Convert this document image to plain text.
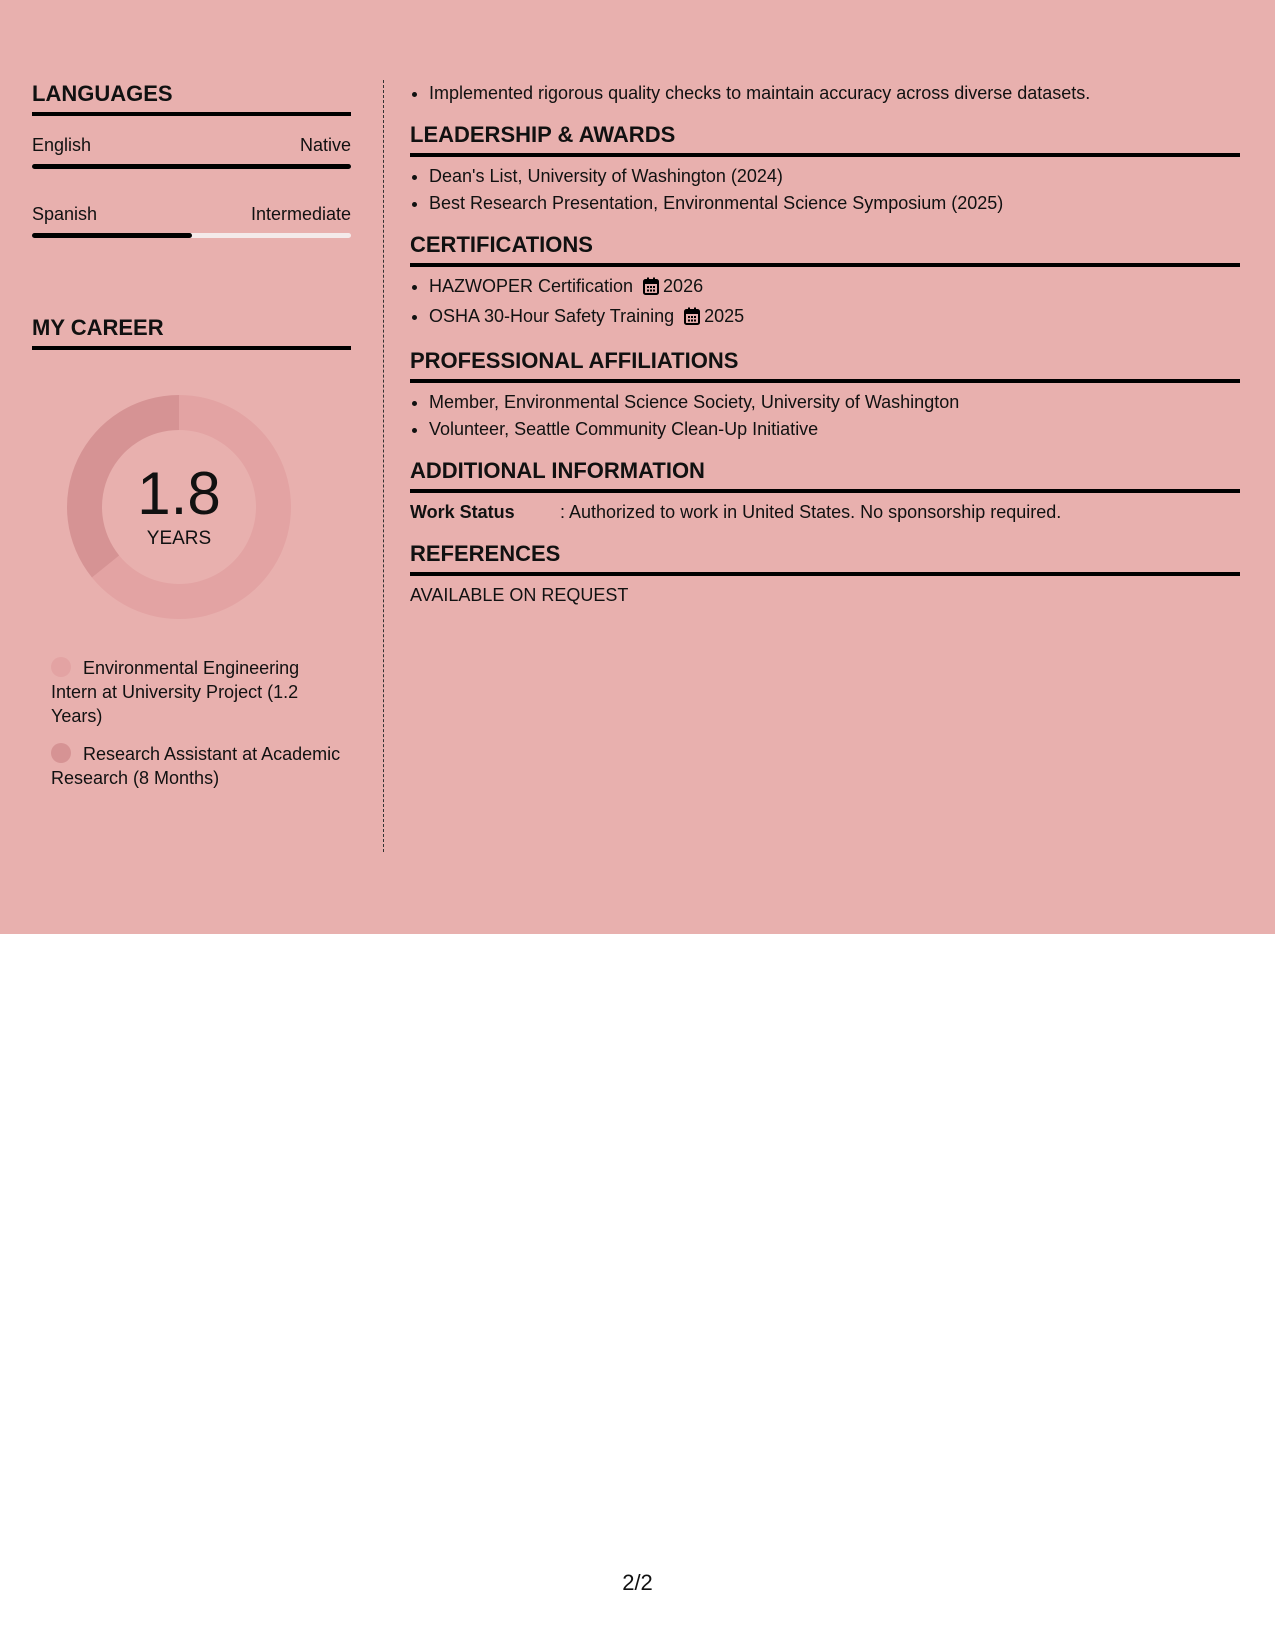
LANGUAGES
English	Native
Spanish	Intermediate
MY CAREER
1.8
YEARS
Environmental Engineering Intern at University Project (1.2 Years)
Research Assistant at Academic Research (8 Months)
• Implemented rigorous quality checks to maintain accuracy across diverse datasets.
LEADERSHIP & AWARDS
• Dean's List, University of Washington (2024)
• Best Research Presentation, Environmental Science Symposium (2025)
CERTIFICATIONS
• HAZWOPER Certification 2026
• OSHA 30-Hour Safety Training 2025
PROFESSIONAL AFFILIATIONS
• Member, Environmental Science Society, University of Washington
• Volunteer, Seattle Community Clean-Up Initiative
ADDITIONAL INFORMATION
Work Status	: Authorized to work in United States. No sponsorship required.
REFERENCES
AVAILABLE ON REQUEST
2/2
